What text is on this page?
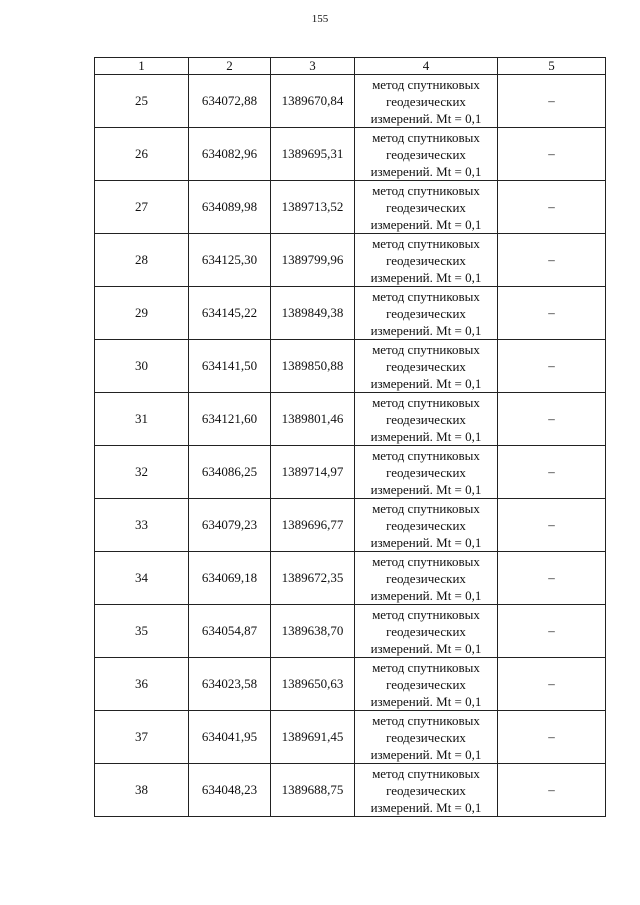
155
1	2	3	4	5
25	634072,88	1389670,84	метод спутниковых
геодезических
измерений. Mt = 0,1	–
26	634082,96	1389695,31	метод спутниковых
геодезических
измерений. Mt = 0,1	–
27	634089,98	1389713,52	метод спутниковых
геодезических
измерений. Mt = 0,1	–
28	634125,30	1389799,96	метод спутниковых
геодезических
измерений. Mt = 0,1	–
29	634145,22	1389849,38	метод спутниковых
геодезических
измерений. Mt = 0,1	–
30	634141,50	1389850,88	метод спутниковых
геодезических
измерений. Mt = 0,1	–
31	634121,60	1389801,46	метод спутниковых
геодезических
измерений. Mt = 0,1	–
32	634086,25	1389714,97	метод спутниковых
геодезических
измерений. Mt = 0,1	–
33	634079,23	1389696,77	метод спутниковых
геодезических
измерений. Mt = 0,1	–
34	634069,18	1389672,35	метод спутниковых
геодезических
измерений. Mt = 0,1	–
35	634054,87	1389638,70	метод спутниковых
геодезических
измерений. Mt = 0,1	–
36	634023,58	1389650,63	метод спутниковых
геодезических
измерений. Mt = 0,1	–
37	634041,95	1389691,45	метод спутниковых
геодезических
измерений. Mt = 0,1	–
38	634048,23	1389688,75	метод спутниковых
геодезических
измерений. Mt = 0,1	–
